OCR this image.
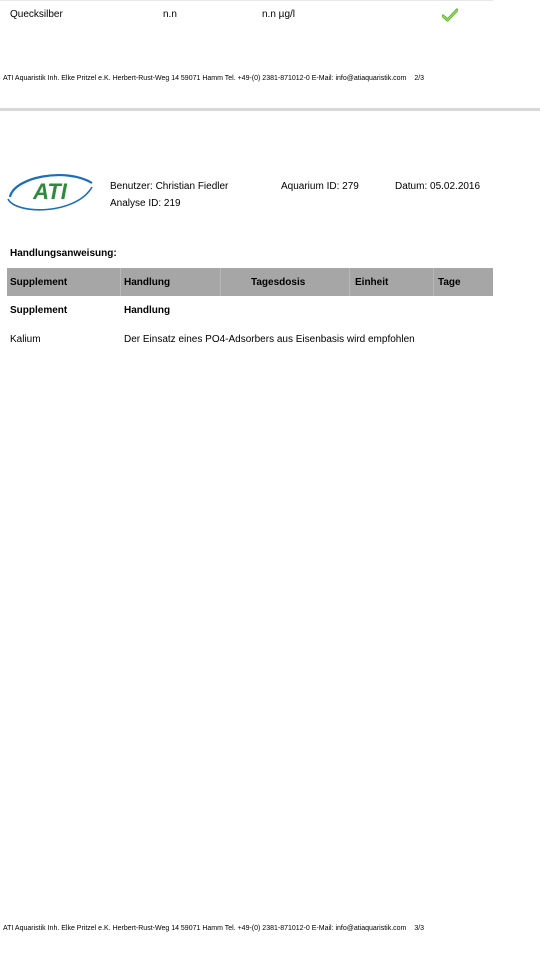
Quecksilber	n.n	n.n µg/l
ATI Aquaristik Inh. Elke Pritzel e.K. Herbert-Rust-Weg 14 59071 Hamm Tel. +49-(0) 2381-871012-0 E-Mail: info@atiaquaristik.com 2/3
ATI	Benutzer: Christian Fiedler	Aquarium ID: 279	Datum: 05.02.2016
Analyse ID: 219
Handlungsanweisung:
Supplement	Handlung	Tagesdosis	Einheit	Tage
Supplement	Handlung
Kalium	Der Einsatz eines PO4-Adsorbers aus Eisenbasis wird empfohlen
ATI Aquaristik Inh. Elke Pritzel e.K. Herbert-Rust-Weg 14 59071 Hamm Tel. +49-(0) 2381-871012-0 E-Mail: info@atiaquaristik.com 3/3
